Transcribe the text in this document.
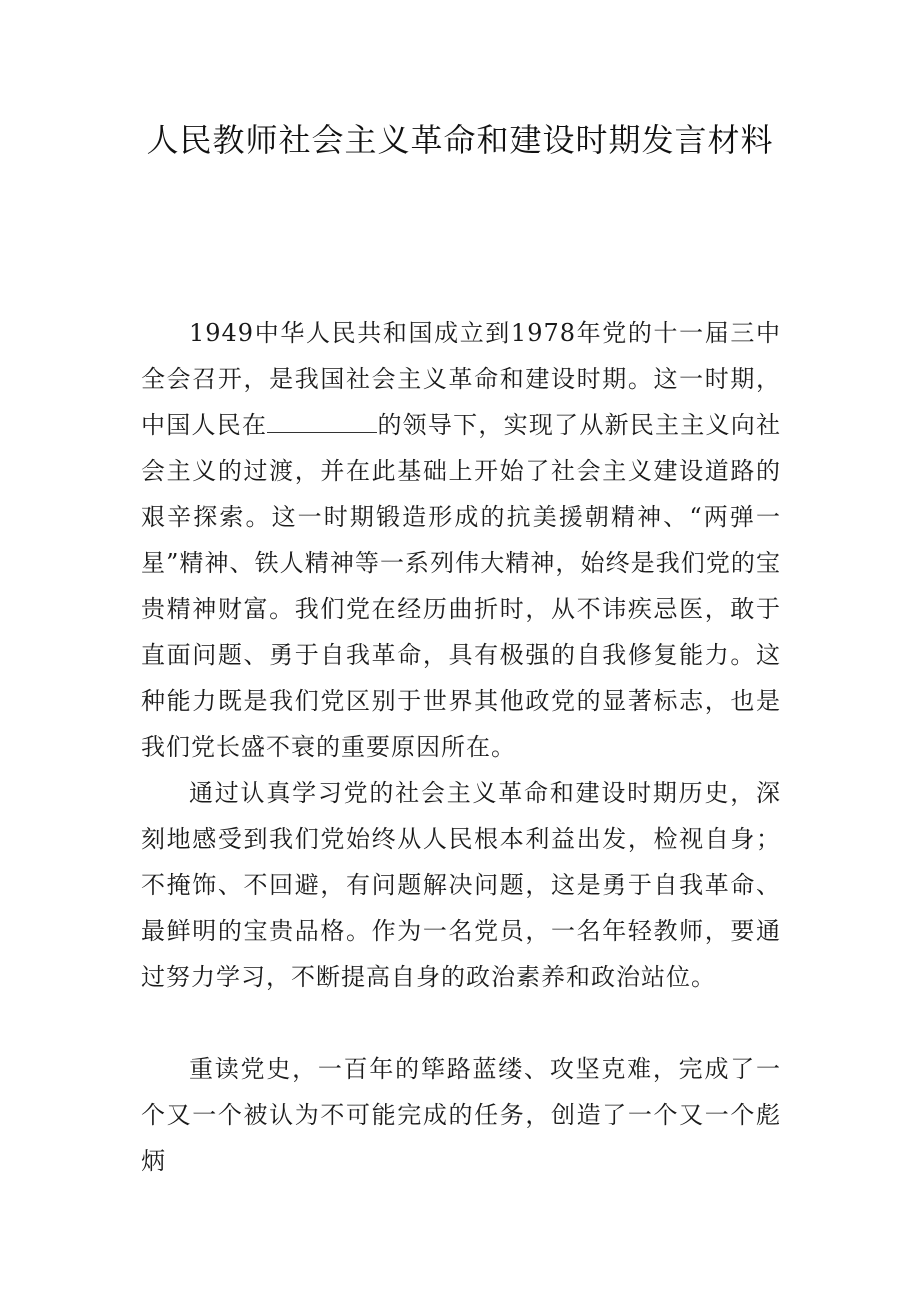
人民教师社会主义革命和建设时期发言材料

1949中华人民共和国成立到1978年党的十一届三中全会召开，是我国社会主义革命和建设时期。这一时期，中国人民在	的领导下，实现了从新民主主义向社会主义的过渡，并在此基础上开始了社会主义建设道路的艰辛探索。这一时期锻造形成的抗美援朝精神、“两弹一星”精神、铁人精神等一系列伟大精神，始终是我们党的宝贵精神财富。我们党在经历曲折时，从不讳疾忌医，敢于直面问题、勇于自我革命，具有极强的自我修复能力。这种能力既是我们党区别于世界其他政党的显著标志，也是我们党长盛不衰的重要原因所在。

通过认真学习党的社会主义革命和建设时期历史，深刻地感受到我们党始终从人民根本利益出发，检视自身；不掩饰、不回避，有问题解决问题，这是勇于自我革命、最鲜明的宝贵品格。作为一名党员，一名年轻教师，要通过努力学习，不断提高自身的政治素养和政治站位。

重读党史，一百年的筚路蓝缕、攻坚克难，完成了一个又一个被认为不可能完成的任务，创造了一个又一个彪炳
